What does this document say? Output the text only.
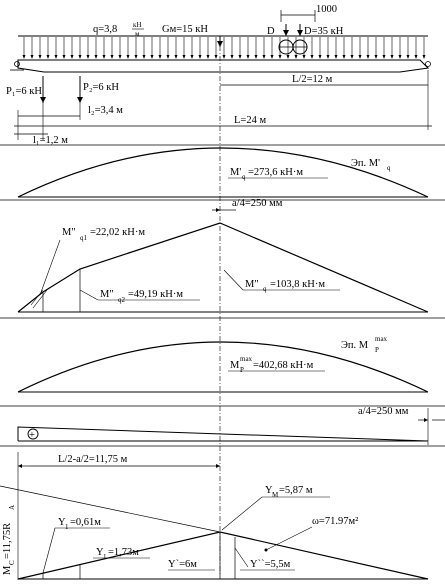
q=3,8 кН
м Gм=15 кН
1000
D	D=35 кН
P₁=6 кН	P₂=6 кН
L/2=12 м
l₂=3,4 м
L=24 м
l₁=1,2 м
Эп. M' q
M' q =273,6 кН·м
a/4=250 мм
M" q1 =22,02 кН·м
M" q2 =49,19 кН·м
M" q =103,8 кН·м
Эп. M P
max
M P
max
=402,68 кН·м
a/4=250 мм
+
L/2-a/2=11,75 м
M
C
=11,75R
A
Y M =5,87 м
ω=71.97м²
Y 1 =0,61м
Y 1 =1,73м
Y`=6м	Y``=5,5м
